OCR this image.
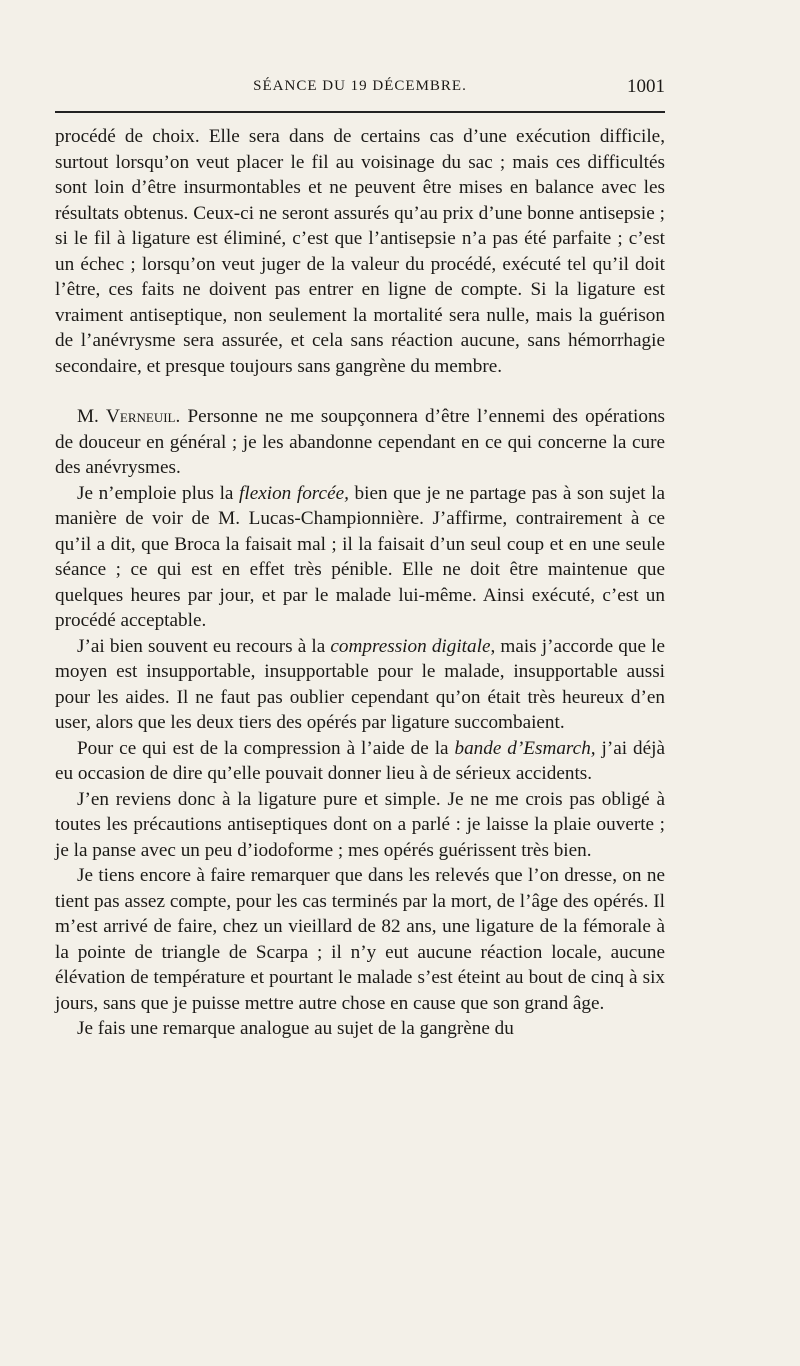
SÉANCE DU 19 DÉCEMBRE.	1001

procédé de choix. Elle sera dans de certains cas d’une exécution difficile, surtout lorsqu’on veut placer le fil au voisinage du sac ; mais ces difficultés sont loin d’être insurmontables et ne peuvent être mises en balance avec les résultats obtenus. Ceux-ci ne seront assurés qu’au prix d’une bonne antisepsie ; si le fil à ligature est éliminé, c’est que l’antisepsie n’a pas été parfaite ; c’est un échec ; lorsqu’on veut juger de la valeur du procédé, exécuté tel qu’il doit l’être, ces faits ne doivent pas entrer en ligne de compte. Si la ligature est vraiment antiseptique, non seulement la mortalité sera nulle, mais la guérison de l’anévrysme sera assurée, et cela sans réaction aucune, sans hémorrhagie secondaire, et presque toujours sans gangrène du membre.

M. Verneuil. Personne ne me soupçonnera d’être l’ennemi des opérations de douceur en général ; je les abandonne cependant en ce qui concerne la cure des anévrysmes.

Je n’emploie plus la flexion forcée, bien que je ne partage pas à son sujet la manière de voir de M. Lucas-Championnière. J’affirme, contrairement à ce qu’il a dit, que Broca la faisait mal ; il la faisait d’un seul coup et en une seule séance ; ce qui est en effet très pénible. Elle ne doit être maintenue que quelques heures par jour, et par le malade lui-même. Ainsi exécuté, c’est un procédé acceptable.

J’ai bien souvent eu recours à la compression digitale, mais j’accorde que le moyen est insupportable, insupportable pour le malade, insupportable aussi pour les aides. Il ne faut pas oublier cependant qu’on était très heureux d’en user, alors que les deux tiers des opérés par ligature succombaient.

Pour ce qui est de la compression à l’aide de la bande d’Esmarch, j’ai déjà eu occasion de dire qu’elle pouvait donner lieu à de sérieux accidents.

J’en reviens donc à la ligature pure et simple. Je ne me crois pas obligé à toutes les précautions antiseptiques dont on a parlé : je laisse la plaie ouverte ; je la panse avec un peu d’iodoforme ; mes opérés guérissent très bien.

Je tiens encore à faire remarquer que dans les relevés que l’on dresse, on ne tient pas assez compte, pour les cas terminés par la mort, de l’âge des opérés. Il m’est arrivé de faire, chez un vieillard de 82 ans, une ligature de la fémorale à la pointe de triangle de Scarpa ; il n’y eut aucune réaction locale, aucune élévation de température et pourtant le malade s’est éteint au bout de cinq à six jours, sans que je puisse mettre autre chose en cause que son grand âge.

Je fais une remarque analogue au sujet de la gangrène du
